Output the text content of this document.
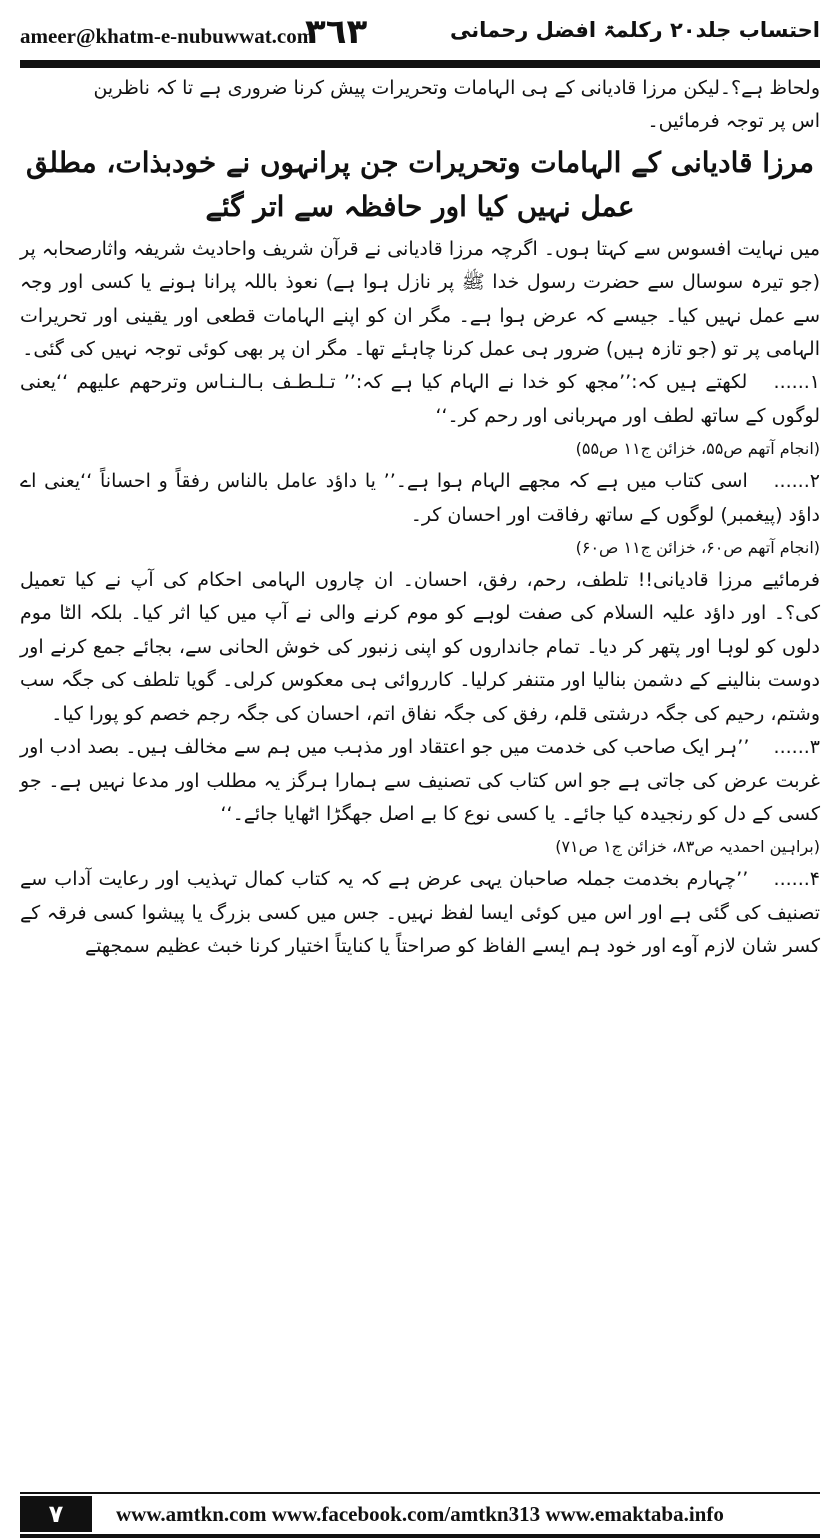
ameer@khatm-e-nubuwwat.com
٣٦٣	احتساب جلد۲۰ رکلمۃ افضل رحمانی

ولحاظ ہے؟۔لیکن مرزا قادیانی کے ہی الہامات وتحریرات پیش کرنا ضروری ہے تا کہ ناظرین

اس پر توجہ فرمائیں۔

مرزا قادیانی کے الہامات وتحریرات جن پرانہوں نے خودبذات، مطلق عمل نہیں کیا اور حافظہ سے اتر گئے

میں نہایت افسوس سے کہتا ہوں۔ اگرچہ مرزا قادیانی نے قرآن شریف واحادیث شریفہ واثارصحابہ پر (جو تیرہ سوسال سے حضرت رسول خدا ﷺ پر نازل ہوا ہے) نعوذ باللہ پرانا ہونے یا کسی اور وجہ سے عمل نہیں کیا۔ جیسے کہ عرض ہوا ہے۔ مگر ان کو اپنے الہامات قطعی اور یقینی اور تحریرات الہامی پر تو (جو تازہ ہیں) ضرور ہی عمل کرنا چاہئے تھا۔ مگر ان پر بھی کوئی توجہ نہیں کی گئی۔

۱...... لکھتے ہیں کہ:’’مجھ کو خدا نے الہام کیا ہے کہ:’’ تـلـطـف بـالـنـاس وترحهم عليهم ‘‘یعنی لوگوں کے ساتھ لطف اور مہربانی اور رحم کر۔‘‘

(انجام آتھم ص۵۵، خزائن ج۱۱ ص۵۵)

۲...... اسی کتاب میں ہے کہ مجھے الہام ہوا ہے۔’’ یا داؤد عامل بالناس رفقاً و احساناً ‘‘یعنی اے داؤد (پیغمبر) لوگوں کے ساتھ رفاقت اور احسان کر۔

(انجام آتھم ص۶۰، خزائن ج۱۱ ص۶۰)

فرمائیے مرزا قادیانی!! تلطف، رحم، رفق، احسان۔ ان چاروں الہامی احکام کی آپ نے کیا تعمیل کی؟۔ اور داؤد علیہ السلام کی صفت لوہے کو موم کرنے والی نے آپ میں کیا اثر کیا۔ بلکہ الٹا موم دلوں کو لوہا اور پتھر کر دیا۔ تمام جانداروں کو اپنی زنبور کی خوش الحانی سے، بجائے جمع کرنے اور دوست بنالینے کے دشمن بنالیا اور متنفر کرلیا۔ کارروائی ہی معکوس کرلی۔ گویا تلطف کی جگہ سب وشتم، رحیم کی جگہ درشتی قلم، رفق کی جگہ نفاق اتم، احسان کی جگہ رجم خصم کو پورا کیا۔

۳...... ’’ہر ایک صاحب کی خدمت میں جو اعتقاد اور مذہب میں ہم سے مخالف ہیں۔ بصد ادب اور غربت عرض کی جاتی ہے جو اس کتاب کی تصنیف سے ہمارا ہرگز یہ مطلب اور مدعا نہیں ہے۔ جو کسی کے دل کو رنجیدہ کیا جائے۔ یا کسی نوع کا بے اصل جھگڑا اٹھایا جائے۔‘‘

(براہین احمدیہ ص۸۳، خزائن ج۱ ص۷۱)

۴...... ’’چہارم بخدمت جملہ صاحبان یہی عرض ہے کہ یہ کتاب کمال تہذیب اور رعایت آداب سے تصنیف کی گئی ہے اور اس میں کوئی ایسا لفظ نہیں۔ جس میں کسی بزرگ یا پیشوا کسی فرقہ کے کسر شان لازم آوے اور خود ہم ایسے الفاظ کو صراحتاً یا کنایتاً اختیار کرنا خبث عظیم سمجھتے

۷	www.amtkn.com www.facebook.com/amtkn313 www.emaktaba.info
